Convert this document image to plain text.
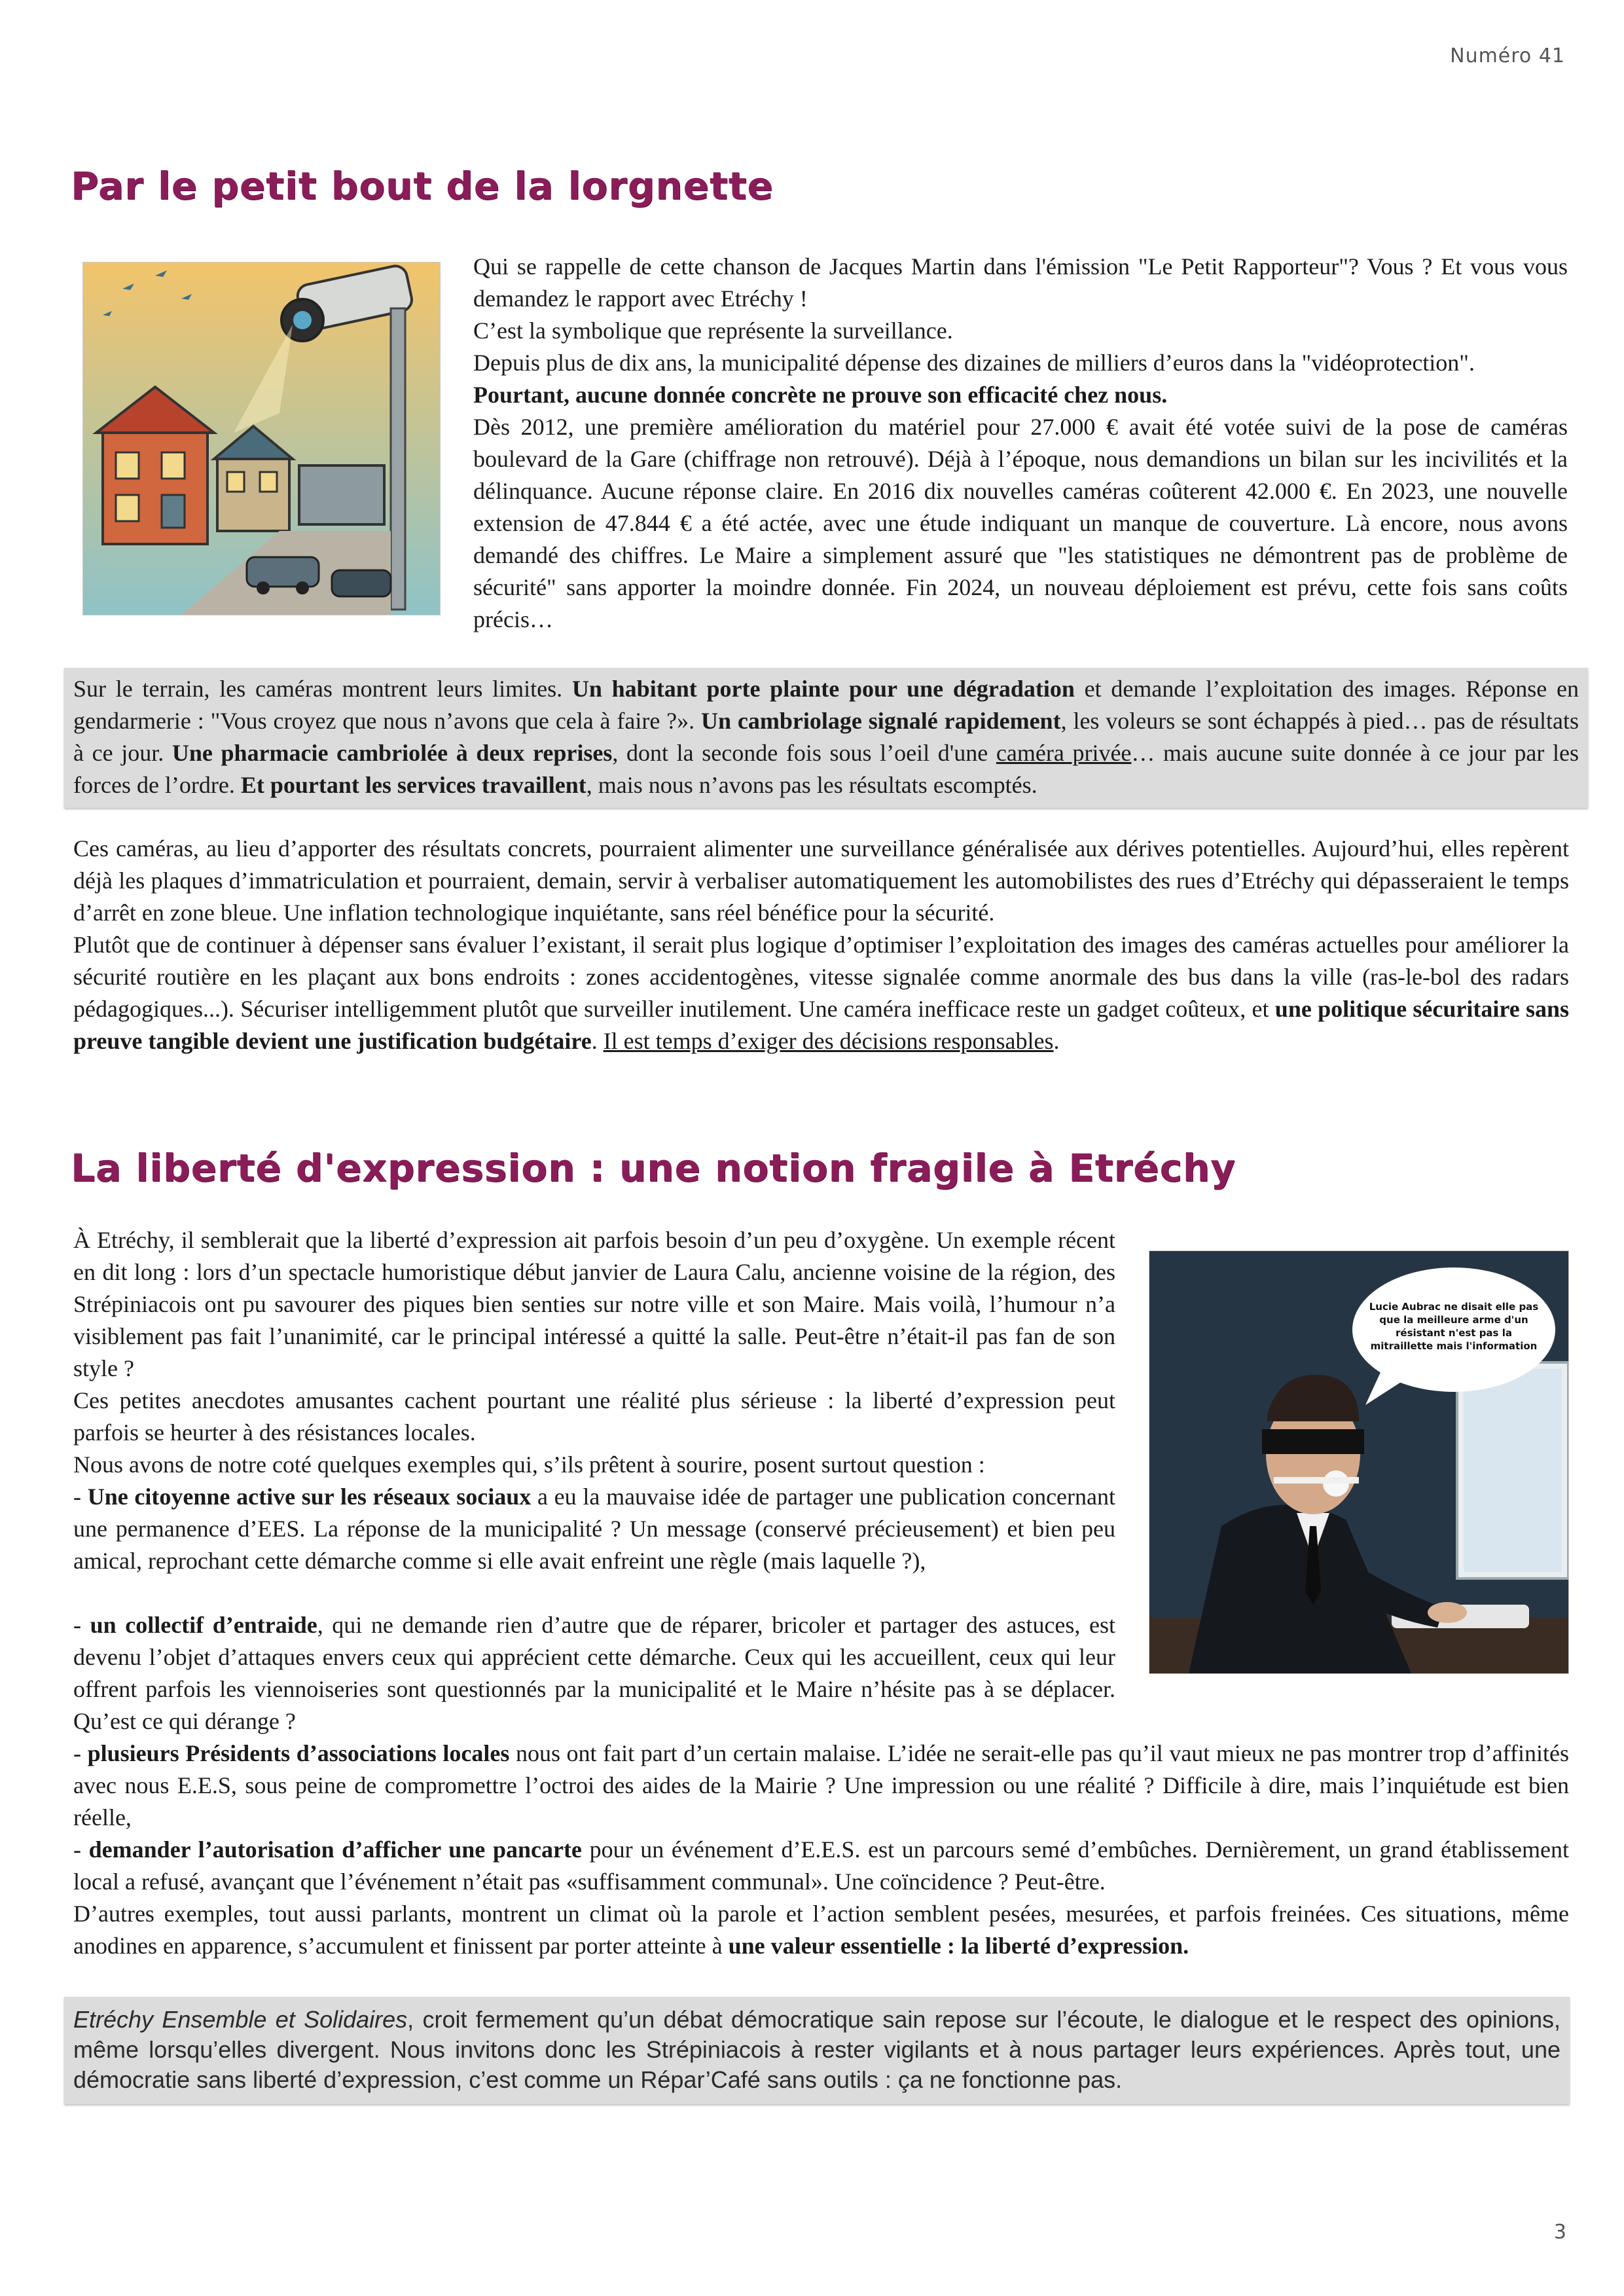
Numéro 41
Par le petit bout de la lorgnette

Qui se rappelle de cette chanson de Jacques Martin dans l'émission "Le Petit Rapporteur"? Vous ? Et vous vous demandez le rapport avec Etréchy !

C’est la symbolique que représente la surveillance.

Depuis plus de dix ans, la municipalité dépense des dizaines de milliers d’euros dans la "vidéoprotection".

Pourtant, aucune donnée concrète ne prouve son efficacité chez nous.

Dès 2012, une première amélioration du matériel pour 27.000 € avait été votée suivi de la pose de caméras boulevard de la Gare (chiffrage non retrouvé). Déjà à l’époque, nous demandions un bilan sur les incivilités et la délinquance. Aucune réponse claire. En 2016 dix nouvelles caméras coûterent 42.000 €. En 2023, une nouvelle extension de 47.844 € a été actée, avec une étude indiquant un manque de couverture. Là encore, nous avons demandé des chiffres. Le Maire a simplement assuré que "les statistiques ne démontrent pas de problème de sécurité" sans apporter la moindre donnée. Fin 2024, un nouveau déploiement est prévu, cette fois sans coûts précis…

Sur le terrain, les caméras montrent leurs limites. Un habitant porte plainte pour une dégradation et demande l’exploitation des images. Réponse en gendarmerie : "Vous croyez que nous n’avons que cela à faire ?». Un cambriolage signalé rapidement, les voleurs se sont échappés à pied… pas de résultats à ce jour. Une pharmacie cambriolée à deux reprises, dont la seconde fois sous l’oeil d'une caméra privée… mais aucune suite donnée à ce jour par les forces de l’ordre. Et pourtant les services travaillent, mais nous n’avons pas les résultats escomptés.

Ces caméras, au lieu d’apporter des résultats concrets, pourraient alimenter une surveillance généralisée aux dérives potentielles. Aujourd’hui, elles repèrent déjà les plaques d’immatriculation et pourraient, demain, servir à verbaliser automatiquement les automobilistes des rues d’Etréchy qui dépasseraient le temps d’arrêt en zone bleue. Une inflation technologique inquiétante, sans réel bénéfice pour la sécurité.

Plutôt que de continuer à dépenser sans évaluer l’existant, il serait plus logique d’optimiser l’exploitation des images des caméras actuelles pour améliorer la sécurité routière en les plaçant aux bons endroits : zones accidentogènes, vitesse signalée comme anormale des bus dans la ville (ras-le-bol des radars pédagogiques...). Sécuriser intelligemment plutôt que surveiller inutilement. Une caméra inefficace reste un gadget coûteux, et une politique sécuritaire sans preuve tangible devient une justification budgétaire. Il est temps d’exiger des décisions responsables.

La liberté d'expression : une notion fragile à Etréchy
Lucie Aubrac ne disait elle pas que la meilleure arme d'un résistant n'est pas la mitraillette mais l'information

À Etréchy, il semblerait que la liberté d’expression ait parfois besoin d’un peu d’oxygène. Un exemple récent en dit long : lors d’un spectacle humoristique début janvier de Laura Calu, ancienne voisine de la région, des Strépiniacois ont pu savourer des piques bien senties sur notre ville et son Maire. Mais voilà, l’humour n’a visiblement pas fait l’unanimité, car le principal intéressé a quitté la salle. Peut-être n’était-il pas fan de son style ?

Ces petites anecdotes amusantes cachent pourtant une réalité plus sérieuse : la liberté d’expression peut parfois se heurter à des résistances locales.

Nous avons de notre coté quelques exemples qui, s’ils prêtent à sourire, posent surtout question :

- Une citoyenne active sur les réseaux sociaux a eu la mauvaise idée de partager une publication concernant une permanence d’EES. La réponse de la municipalité ? Un message (conservé précieusement) et bien peu amical, reprochant cette démarche comme si elle avait enfreint une règle (mais laquelle ?),

- un collectif d’entraide, qui ne demande rien d’autre que de réparer, bricoler et partager des astuces, est devenu l’objet d’attaques envers ceux qui apprécient cette démarche. Ceux qui les accueillent, ceux qui leur offrent parfois les viennoiseries sont questionnés par la municipalité et le Maire n’hésite pas à se déplacer. Qu’est ce qui dérange ?

- plusieurs Présidents d’associations locales nous ont fait part d’un certain malaise. L’idée ne serait-elle pas qu’il vaut mieux ne pas montrer trop d’affinités avec nous E.E.S, sous peine de compromettre l’octroi des aides de la Mairie ? Une impression ou une réalité ? Difficile à dire, mais l’inquiétude est bien réelle,

- demander l’autorisation d’afficher une pancarte pour un événement d’E.E.S. est un parcours semé d’embûches. Dernièrement, un grand établissement local a refusé, avançant que l’événement n’était pas «suffisamment communal». Une coïncidence ? Peut-être.

D’autres exemples, tout aussi parlants, montrent un climat où la parole et l’action semblent pesées, mesurées, et parfois freinées. Ces situations, même anodines en apparence, s’accumulent et finissent par porter atteinte à une valeur essentielle : la liberté d’expression.

Etréchy Ensemble et Solidaires, croit fermement qu’un débat démocratique sain repose sur l’écoute, le dialogue et le respect des opinions, même lorsqu’elles divergent. Nous invitons donc les Strépiniacois à rester vigilants et à nous partager leurs expériences. Après tout, une démocratie sans liberté d’expression, c’est comme un Répar’Café sans outils : ça ne fonctionne pas.
3
